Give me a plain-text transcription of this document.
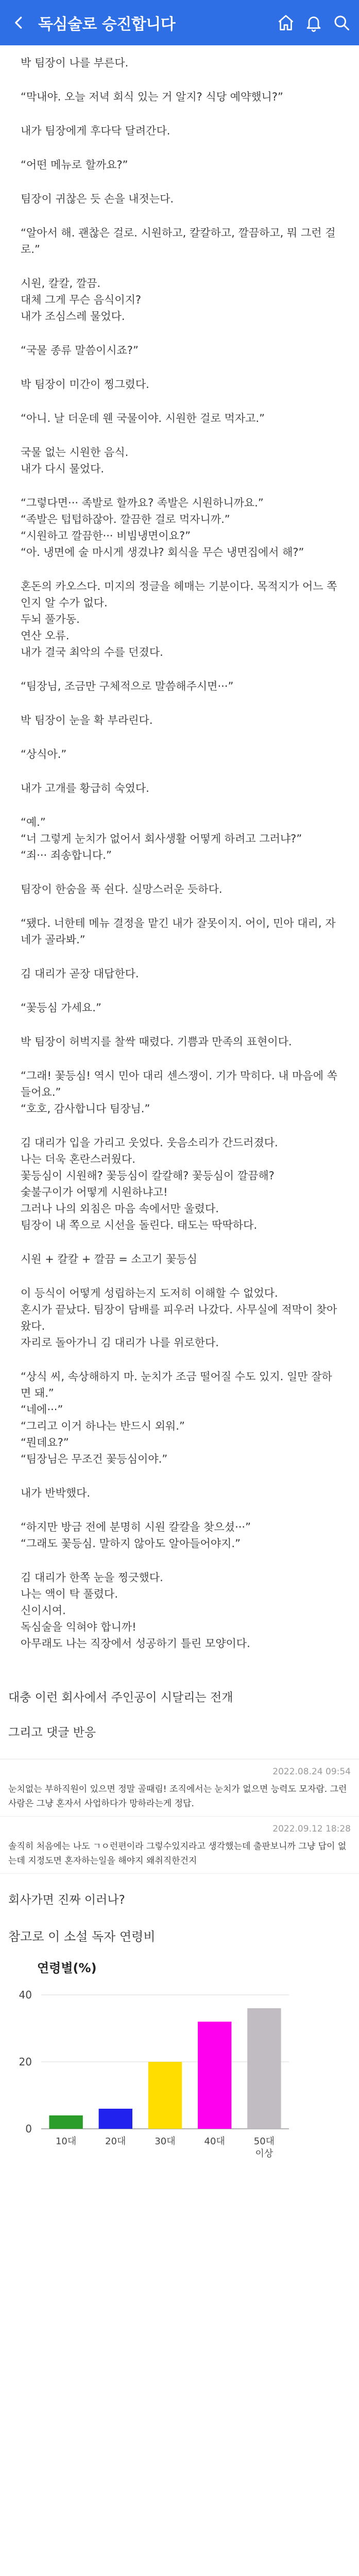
독심술로 승진합니다
박 팀장이 나를 부른다.
“막내야. 오늘 저녁 회식 있는 거 알지? 식당 예약했니?”
내가 팀장에게 후다닥 달려간다.
“어떤 메뉴로 할까요?”
팀장이 귀찮은 듯 손을 내젓는다.
“알아서 해. 괜찮은 걸로. 시원하고, 칼칼하고, 깔끔하고, 뭐 그런 걸로.”
시원, 칼칼, 깔끔.
대체 그게 무슨 음식이지?
내가 조심스레 물었다.
“국물 종류 말씀이시죠?”
박 팀장이 미간이 찡그렸다.
“아니. 날 더운데 웬 국물이야. 시원한 걸로 먹자고.”
국물 없는 시원한 음식.
내가 다시 물었다.
“그렇다면··· 족발로 할까요? 족발은 시원하니까요.”
“족발은 텁텁하잖아. 깔끔한 걸로 먹자니까.”
“시원하고 깔끔한··· 비빔냉면이요?”
“아. 냉면에 술 마시게 생겼냐? 회식을 무슨 냉면집에서 해?”
혼돈의 카오스다. 미지의 정글을 헤매는 기분이다. 목적지가 어느 쪽인지 알 수가 없다.
두뇌 풀가동.
연산 오류.
내가 결국 최악의 수를 던졌다.
“팀장님, 조금만 구체적으로 말씀해주시면···”
박 팀장이 눈을 확 부라린다.
“상식아.”
내가 고개를 황급히 숙였다.
“예.”
“너 그렇게 눈치가 없어서 회사생활 어떻게 하려고 그러냐?”
“죄··· 죄송합니다.”
팀장이 한숨을 푹 쉰다. 실망스러운 듯하다.
“됐다. 너한테 메뉴 결정을 맡긴 내가 잘못이지. 어이, 민아 대리, 자네가 골라봐.”
김 대리가 곧장 대답한다.
“꽃등심 가세요.”
박 팀장이 허벅지를 찰싹 때렸다. 기쁨과 만족의 표현이다.
“그래! 꽃등심! 역시 민아 대리 센스쟁이. 기가 막히다. 내 마음에 쏙 들어요.”
“호호, 감사합니다 팀장님.”
김 대리가 입을 가리고 웃었다. 웃음소리가 간드러졌다.
나는 더욱 혼란스러웠다.
꽃등심이 시원해? 꽃등심이 칼칼해? 꽃등심이 깔끔해?
숯불구이가 어떻게 시원하냐고!
그러나 나의 외침은 마음 속에서만 울렸다.
팀장이 내 쪽으로 시선을 돌린다. 태도는 딱딱하다.
시원 + 칼칼 + 깔끔 = 소고기 꽃등심
이 등식이 어떻게 성립하는지 도저히 이해할 수 없었다.
혼시가 끝났다. 팀장이 담배를 피우러 나갔다. 사무실에 적막이 찾아왔다.
자리로 돌아가니 김 대리가 나를 위로한다.
“상식 씨, 속상해하지 마. 눈치가 조금 떨어질 수도 있지. 일만 잘하면 돼.”
“네에···”
“그리고 이거 하나는 반드시 외워.”
“뭔데요?”
“팀장님은 무조건 꽃등심이야.”
내가 반박했다.
“하지만 방금 전에 분명히 시원 칼칼을 찾으셨···”
“그래도 꽃등심. 말하지 않아도 알아들어야지.”
김 대리가 한쪽 눈을 찡긋했다.
나는 액이 탁 풀렸다.
신이시여.
독심술을 익혀야 합니까!
아무래도 나는 직장에서 성공하기 틀린 모양이다.
대충 이런 회사에서 주인공이 시달리는 전개
그리고 댓글 반응
2022.08.24 09:54
눈치없는 부하직원이 있으면 정말 골때림! 조직에서는 눈치가 없으면 능력도 모자람. 그런 사람은 그냥 혼자서 사업하다가 망하라는게 정답.
2022.09.12 18:28
솔직히 처음에는 나도 ㄱㅇ런편이라 그렇수있지라고 생각했는데 출판보니까 그냥 답이 없는데 지정도면 혼자하는일을 해야지 왜취직한건지
회사가면 진짜 이러나?
참고로 이 소설 독자 연령비
연령별(%)
0
20
40
10대	20대	30대	40대	50대
이상
